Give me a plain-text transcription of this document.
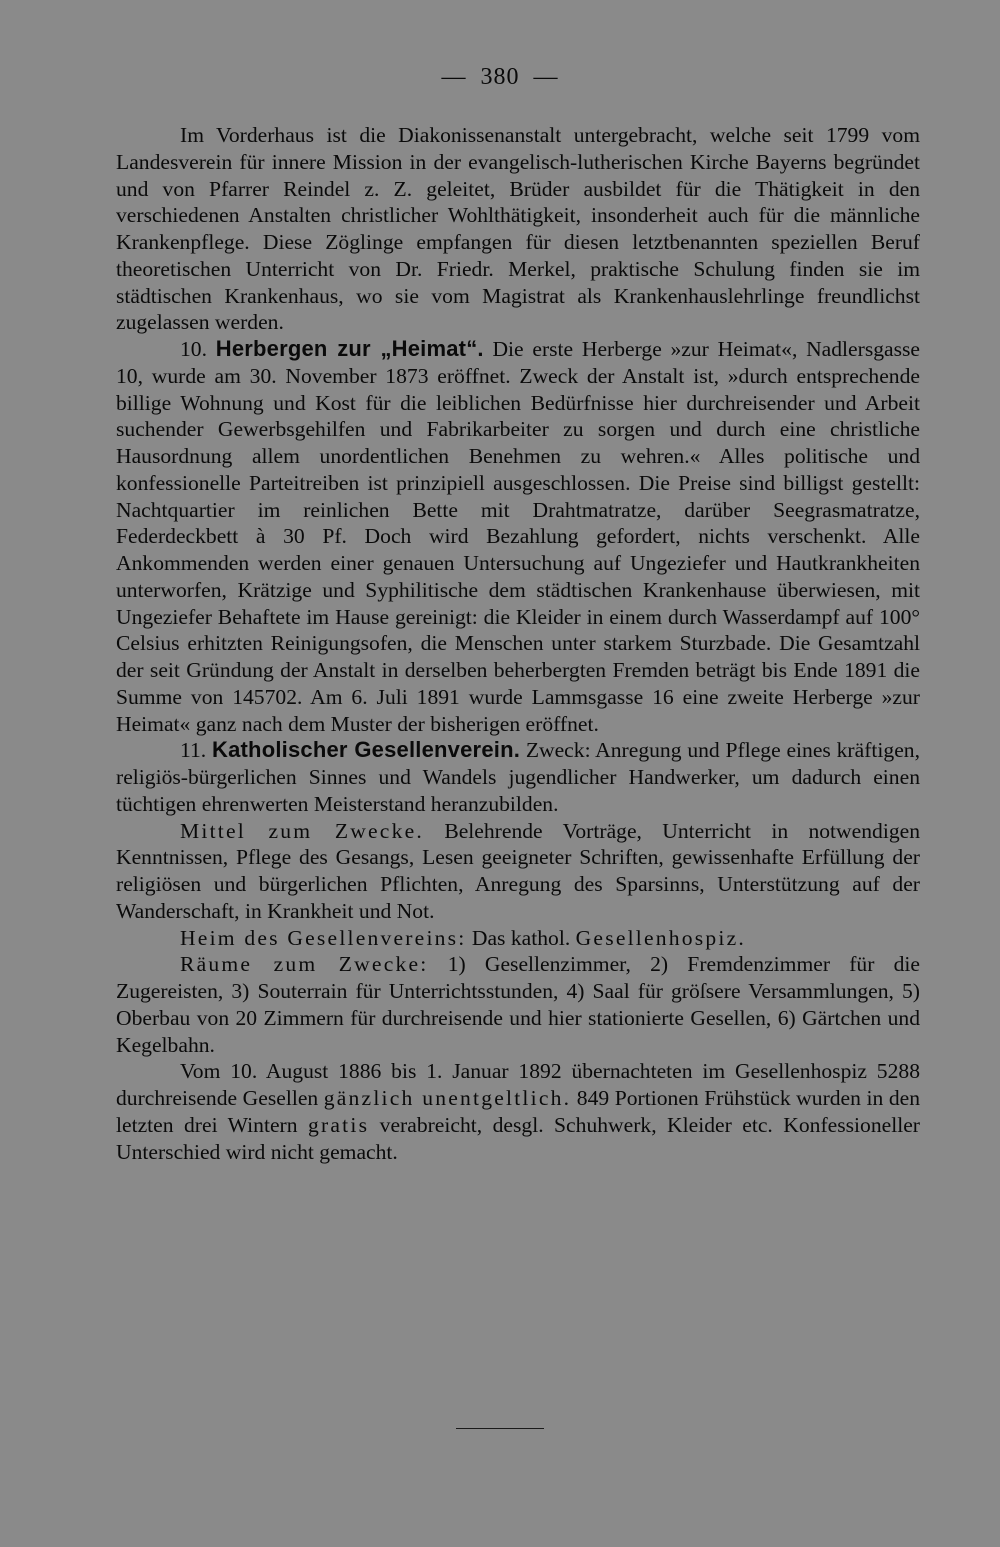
— 380 —

Im Vorderhaus ist die Diakonissenanstalt untergebracht, welche seit 1799 vom Landesverein für innere Mission in der evangelisch-lutherischen Kirche Bayerns begründet und von Pfarrer Reindel z. Z. geleitet, Brüder ausbildet für die Thätigkeit in den verschiedenen Anstalten christlicher Wohlthätigkeit, insonderheit auch für die männliche Krankenpflege. Diese Zöglinge empfangen für diesen letztbenannten speziellen Beruf theoretischen Unterricht von Dr. Friedr. Merkel, praktische Schulung finden sie im städtischen Krankenhaus, wo sie vom Magistrat als Krankenhauslehrlinge freundlichst zugelassen werden.

10. Herbergen zur „Heimat“. Die erste Herberge »zur Heimat«, Nadlersgasse 10, wurde am 30. November 1873 eröffnet. Zweck der Anstalt ist, »durch entsprechende billige Wohnung und Kost für die leiblichen Bedürfnisse hier durchreisender und Arbeit suchender Gewerbsgehilfen und Fabrikarbeiter zu sorgen und durch eine christliche Hausordnung allem unordentlichen Benehmen zu wehren.« Alles politische und konfessionelle Parteitreiben ist prinzipiell ausgeschlossen. Die Preise sind billigst gestellt: Nachtquartier im reinlichen Bette mit Drahtmatratze, darüber Seegrasmatratze, Federdeckbett à 30 Pf. Doch wird Bezahlung gefordert, nichts verschenkt. Alle Ankommenden werden einer genauen Untersuchung auf Ungeziefer und Hautkrankheiten unterworfen, Krätzige und Syphilitische dem städtischen Krankenhause überwiesen, mit Ungeziefer Behaftete im Hause gereinigt: die Kleider in einem durch Wasserdampf auf 100° Celsius erhitzten Reinigungsofen, die Menschen unter starkem Sturzbade. Die Gesamtzahl der seit Gründung der Anstalt in derselben beherbergten Fremden beträgt bis Ende 1891 die Summe von 145702. Am 6. Juli 1891 wurde Lammsgasse 16 eine zweite Herberge »zur Heimat« ganz nach dem Muster der bisherigen eröffnet.

11. Katholischer Gesellenverein. Zweck: Anregung und Pflege eines kräftigen, religiös-bürgerlichen Sinnes und Wandels jugendlicher Handwerker, um dadurch einen tüchtigen ehrenwerten Meisterstand heranzubilden.

Mittel zum Zwecke. Belehrende Vorträge, Unterricht in notwendigen Kenntnissen, Pflege des Gesangs, Lesen geeigneter Schriften, gewissenhafte Erfüllung der religiösen und bürgerlichen Pflichten, Anregung des Sparsinns, Unterstützung auf der Wanderschaft, in Krankheit und Not.

Heim des Gesellenvereins: Das kathol. Gesellenhospiz.

Räume zum Zwecke: 1) Gesellenzimmer, 2) Fremdenzimmer für die Zugereisten, 3) Souterrain für Unterrichtsstunden, 4) Saal für gröſsere Versammlungen, 5) Oberbau von 20 Zimmern für durchreisende und hier stationierte Gesellen, 6) Gärtchen und Kegelbahn.

Vom 10. August 1886 bis 1. Januar 1892 übernachteten im Gesellenhospiz 5288 durchreisende Gesellen gänzlich unentgeltlich. 849 Portionen Frühstück wurden in den letzten drei Wintern gratis verabreicht, desgl. Schuhwerk, Kleider etc. Konfessioneller Unterschied wird nicht gemacht.
